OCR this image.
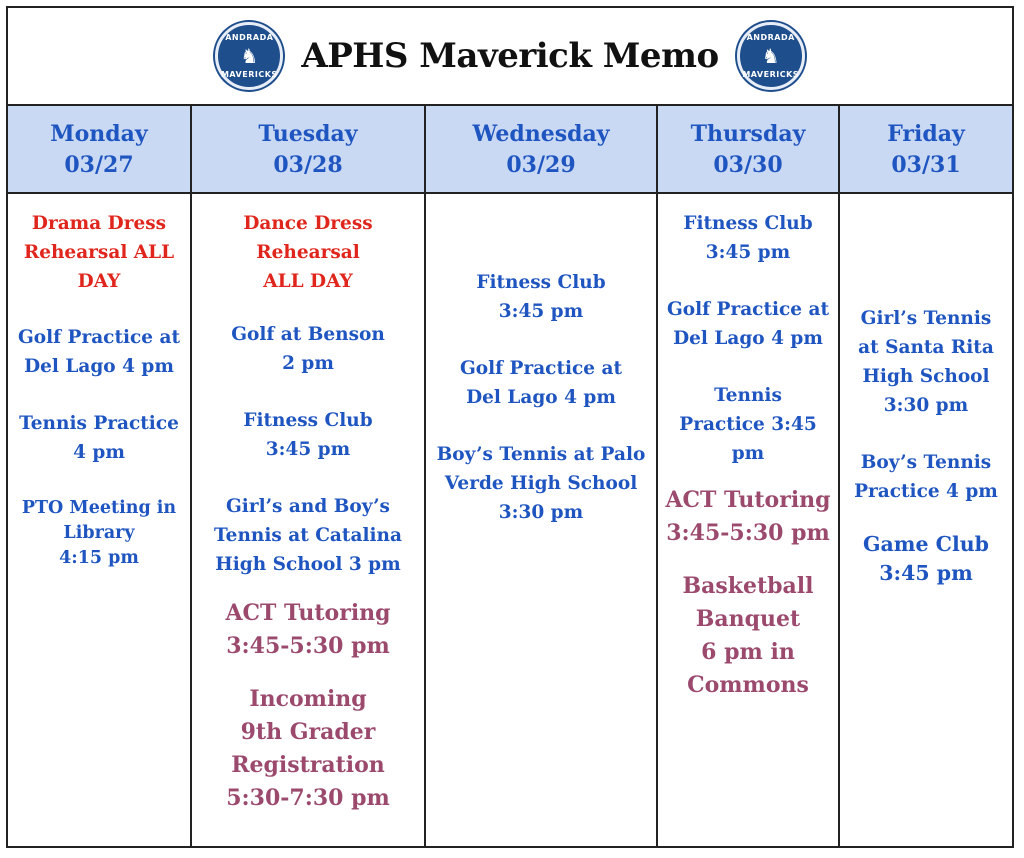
ANDRADA
♞
MAVERICKS APHS Maverick Memo	ANDRADA
♞
MAVERICKS
Monday
03/27
Tuesday
03/28
Wednesday
03/29
Thursday
03/30
Friday
03/31
Drama Dress
Rehearsal ALL
DAY
Golf Practice at
Del Lago 4 pm
Tennis Practice
4 pm
PTO Meeting in
Library
4:15 pm
Dance Dress
Rehearsal
ALL DAY
Golf at Benson
2 pm
Fitness Club
3:45 pm
Girl’s and Boy’s
Tennis at Catalina
High School 3 pm
ACT Tutoring
3:45-5:30 pm
Incoming
9th Grader
Registration
5:30-7:30 pm
Fitness Club
3:45 pm
Golf Practice at
Del Lago 4 pm
Boy’s Tennis at Palo
Verde High School
3:30 pm
Fitness Club
3:45 pm
Golf Practice at
Del Lago 4 pm
Tennis
Practice 3:45
pm
ACT Tutoring
3:45-5:30 pm
Basketball
Banquet
6 pm in
Commons
Girl’s Tennis
at Santa Rita
High School
3:30 pm
Boy’s Tennis
Practice 4 pm
Game Club
3:45 pm
